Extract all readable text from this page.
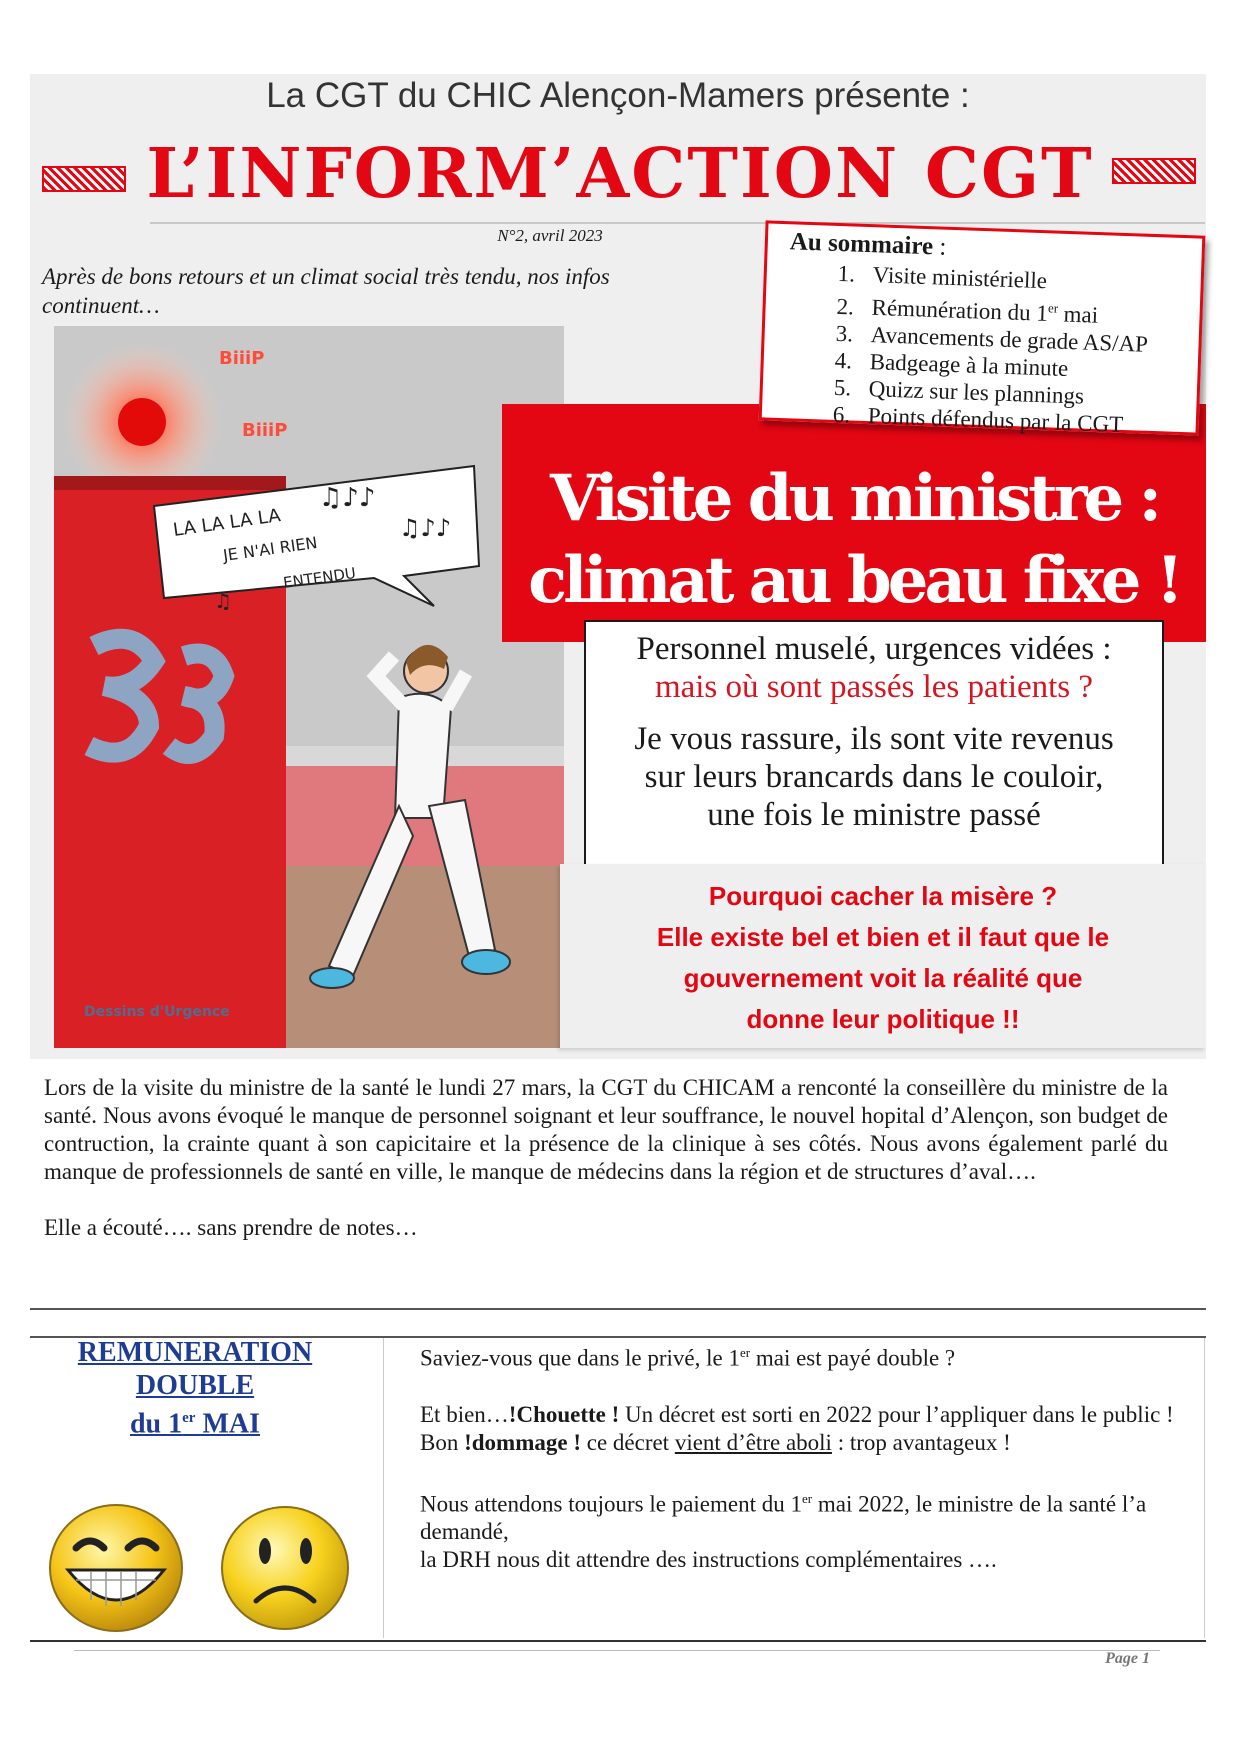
La CGT du CHIC Alençon-Mamers présente :
L’INFORM’ACTION CGT
N°2, avril 2023
Après de bons retours et un climat social très tendu, nos infos continuent…
BiiiP
BiiiP
LA LA LA LA
JE N'AI RIEN
ENTENDU
♫♪♪
♫♪♪
♫
Dessins d'Urgence
Au sommaire :
1. Visite ministérielle
2. Rémunération du 1er mai
3. Avancements de grade AS/AP
4. Badgeage à la minute
5. Quizz sur les plannings
6. Points défendus par la CGT
Visite du ministre :
climat au beau fixe !
Personnel muselé, urgences vidées :
mais où sont passés les patients ?
Je vous rassure, ils sont vite revenus
sur leurs brancards dans le couloir,
une fois le ministre passé
Pourquoi cacher la misère ?
Elle existe bel et bien et il faut que le
gouvernement voit la réalité que
donne leur politique !!

Lors de la visite du ministre de la santé le lundi 27 mars, la CGT du CHICAM a renconté la conseillère du ministre de la santé. Nous avons évoqué le manque de personnel soignant et leur souffrance, le nouvel hopital d’Alençon, son budget de contruction, la crainte quant à son capicitaire et la présence de la clinique à ses côtés. Nous avons également parlé du manque de professionnels de santé en ville, le manque de médecins dans la région et de structures d’aval….

Elle a écouté…. sans prendre de notes…

REMUNERATION
DOUBLE
du 1er MAI

Saviez-vous que dans le privé, le 1er mai est payé double ?

Et bien…!Chouette ! Un décret est sorti en 2022 pour l’appliquer dans le public !
Bon !dommage ! ce décret vient d’être aboli : trop avantageux !

Nous attendons toujours le paiement du 1er mai 2022, le ministre de la santé l’a demandé,
la DRH nous dit attendre des instructions complémentaires ….

Page 1
